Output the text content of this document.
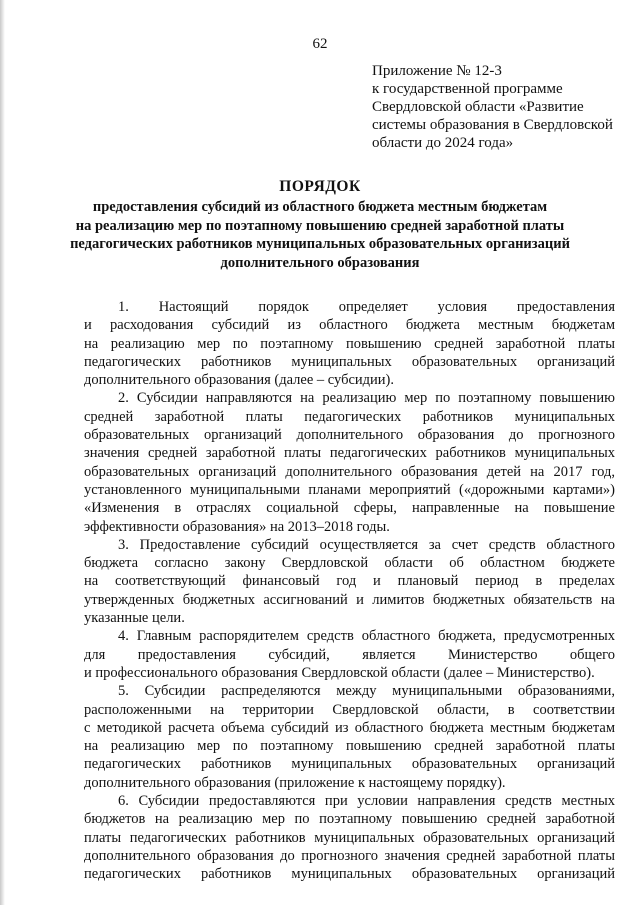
62
Приложение № 12-3
к государственной программе
Свердловской области «Развитие
системы образования в Свердловской
области до 2024 года»
ПОРЯДОК
предоставления субсидий из областного бюджета местным бюджетам
на реализацию мер по поэтапному повышению средней заработной платы
педагогических работников муниципальных образовательных организаций
дополнительного образования
1. Настоящий порядок определяет условия предоставления
и расходования субсидий из областного бюджета местным бюджетам
на реализацию мер по поэтапному повышению средней заработной платы
педагогических работников муниципальных образовательных организаций
дополнительного образования (далее – субсидии).
2. Субсидии направляются на реализацию мер по поэтапному повышению
средней заработной платы педагогических работников муниципальных
образовательных организаций дополнительного образования до прогнозного
значения средней заработной платы педагогических работников муниципальных
образовательных организаций дополнительного образования детей на 2017 год,
установленного муниципальными планами мероприятий («дорожными картами»)
«Изменения в отраслях социальной сферы, направленные на повышение
эффективности образования» на 2013–2018 годы.
3. Предоставление субсидий осуществляется за счет средств областного
бюджета согласно закону Свердловской области об областном бюджете
на соответствующий финансовый год и плановый период в пределах
утвержденных бюджетных ассигнований и лимитов бюджетных обязательств на
указанные цели.
4. Главным распорядителем средств областного бюджета, предусмотренных
для предоставления субсидий, является Министерство общего
и профессионального образования Свердловской области (далее – Министерство).
5. Субсидии распределяются между муниципальными образованиями,
расположенными на территории Свердловской области, в соответствии
с методикой расчета объема субсидий из областного бюджета местным бюджетам
на реализацию мер по поэтапному повышению средней заработной платы
педагогических работников муниципальных образовательных организаций
дополнительного образования (приложение к настоящему порядку).
6. Субсидии предоставляются при условии направления средств местных
бюджетов на реализацию мер по поэтапному повышению средней заработной
платы педагогических работников муниципальных образовательных организаций
дополнительного образования до прогнозного значения средней заработной платы
педагогических работников муниципальных образовательных организаций
